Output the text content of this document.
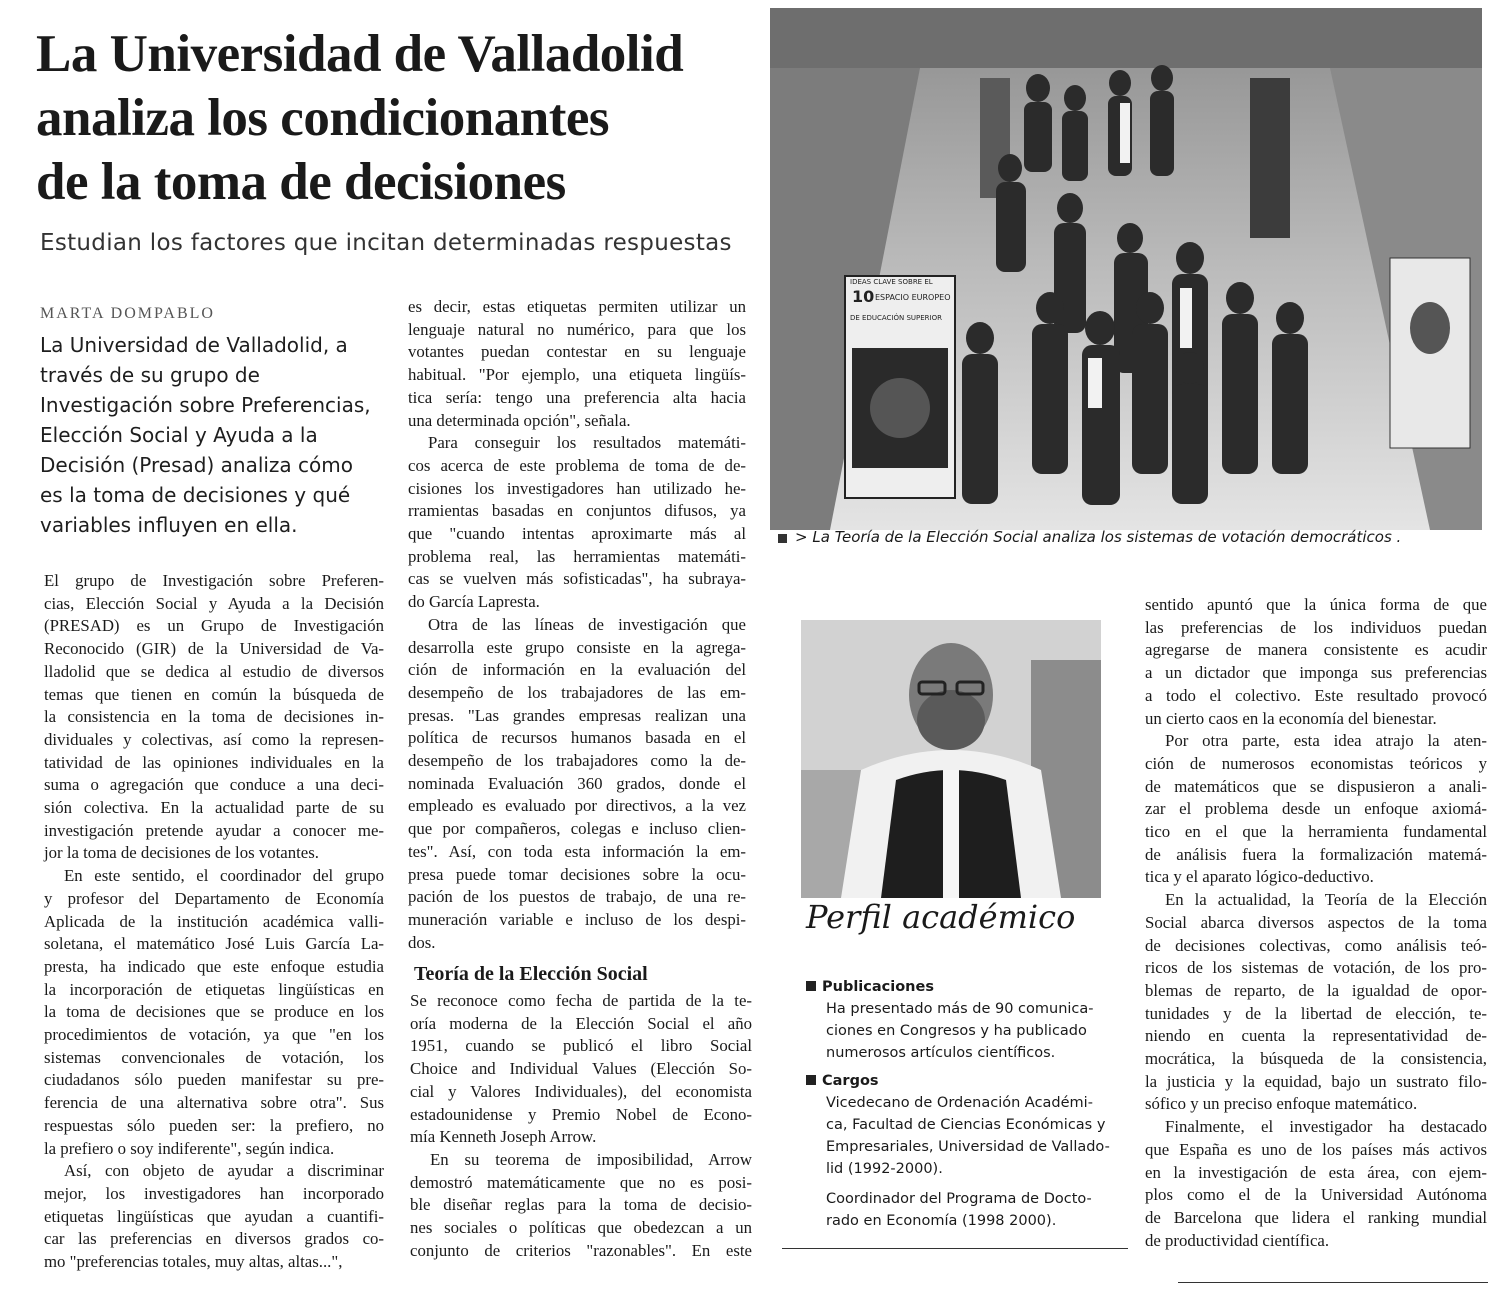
La Universidad de Valladolid
analiza los condicionantes
de la toma de decisiones
Estudian los factores que incitan determinadas respuestas
MARTA DOMPABLO
La Universidad de Valladolid, a
través de su grupo de
Investigación sobre Preferencias,
Elección Social y Ayuda a la
Decisión (Presad) analiza cómo
es la toma de decisiones y qué
variables influyen en ella.
El grupo de Investigación sobre Preferen-
cias, Elección Social y Ayuda a la Decisión
(PRESAD) es un Grupo de Investigación
Reconocido (GIR) de la Universidad de Va-
lladolid que se dedica al estudio de diversos
temas que tienen en común la búsqueda de
la consistencia en la toma de decisiones in-
dividuales y colectivas, así como la represen-
tatividad de las opiniones individuales en la
suma o agregación que conduce a una deci-
sión colectiva. En la actualidad parte de su
investigación pretende ayudar a conocer me-
jor la toma de decisiones de los votantes.
En este sentido, el coordinador del grupo
y profesor del Departamento de Economía
Aplicada de la institución académica valli-
soletana, el matemático José Luis García La-
presta, ha indicado que este enfoque estudia
la incorporación de etiquetas lingüísticas en
la toma de decisiones que se produce en los
procedimientos de votación, ya que "en los
sistemas convencionales de votación, los
ciudadanos sólo pueden manifestar su pre-
ferencia de una alternativa sobre otra". Sus
respuestas sólo pueden ser: la prefiero, no
la prefiero o soy indiferente", según indica.
Así, con objeto de ayudar a discriminar
mejor, los investigadores han incorporado
etiquetas lingüísticas que ayudan a cuantifi-
car las preferencias en diversos grados co-
mo "preferencias totales, muy altas, altas...",
es decir, estas etiquetas permiten utilizar un
lenguaje natural no numérico, para que los
votantes puedan contestar en su lenguaje
habitual. "Por ejemplo, una etiqueta lingüís-
tica sería: tengo una preferencia alta hacia
una determinada opción", señala.
Para conseguir los resultados matemáti-
cos acerca de este problema de toma de de-
cisiones los investigadores han utilizado he-
rramientas basadas en conjuntos difusos, ya
que "cuando intentas aproximarte más al
problema real, las herramientas matemáti-
cas se vuelven más sofisticadas", ha subraya-
do García Lapresta.
Otra de las líneas de investigación que
desarrolla este grupo consiste en la agrega-
ción de información en la evaluación del
desempeño de los trabajadores de las em-
presas. "Las grandes empresas realizan una
política de recursos humanos basada en el
desempeño de los trabajadores como la de-
nominada Evaluación 360 grados, donde el
empleado es evaluado por directivos, a la vez
que por compañeros, colegas e incluso clien-
tes". Así, con toda esta información la em-
presa puede tomar decisiones sobre la ocu-
pación de los puestos de trabajo, de una re-
muneración variable e incluso de los despi-
dos.
Teoría de la Elección Social
Se reconoce como fecha de partida de la te-
oría moderna de la Elección Social el año
1951, cuando se publicó el libro Social
Choice and Individual Values (Elección So-
cial y Valores Individuales), del economista
estadounidense y Premio Nobel de Econo-
mía Kenneth Joseph Arrow.
En su teorema de imposibilidad, Arrow
demostró matemáticamente que no es posi-
ble diseñar reglas para la toma de decisio-
nes sociales o políticas que obedezcan a un
conjunto de criterios "razonables". En este
IDEAS CLAVE SOBRE EL
10 ESPACIO EUROPEO
DE EDUCACIÓN SUPERIOR
> La Teoría de la Elección Social analiza los sistemas de votación democráticos .
Perfil académico
Publicaciones
Ha presentado más de 90 comunica-
ciones en Congresos y ha publicado
numerosos artículos científicos.
Cargos
Vicedecano de Ordenación Académi-
ca, Facultad de Ciencias Económicas y
Empresariales, Universidad de Vallado-
lid (1992-2000).
Coordinador del Programa de Docto-
rado en Economía (1998 2000).
sentido apuntó que la única forma de que
las preferencias de los individuos puedan
agregarse de manera consistente es acudir
a un dictador que imponga sus preferencias
a todo el colectivo. Este resultado provocó
un cierto caos en la economía del bienestar.
Por otra parte, esta idea atrajo la aten-
ción de numerosos economistas teóricos y
de matemáticos que se dispusieron a anali-
zar el problema desde un enfoque axiomá-
tico en el que la herramienta fundamental
de análisis fuera la formalización matemá-
tica y el aparato lógico-deductivo.
En la actualidad, la Teoría de la Elección
Social abarca diversos aspectos de la toma
de decisiones colectivas, como análisis teó-
ricos de los sistemas de votación, de los pro-
blemas de reparto, de la igualdad de opor-
tunidades y de la libertad de elección, te-
niendo en cuenta la representatividad de-
mocrática, la búsqueda de la consistencia,
la justicia y la equidad, bajo un sustrato filo-
sófico y un preciso enfoque matemático.
Finalmente, el investigador ha destacado
que España es uno de los países más activos
en la investigación de esta área, con ejem-
plos como el de la Universidad Autónoma
de Barcelona que lidera el ranking mundial
de productividad científica.
